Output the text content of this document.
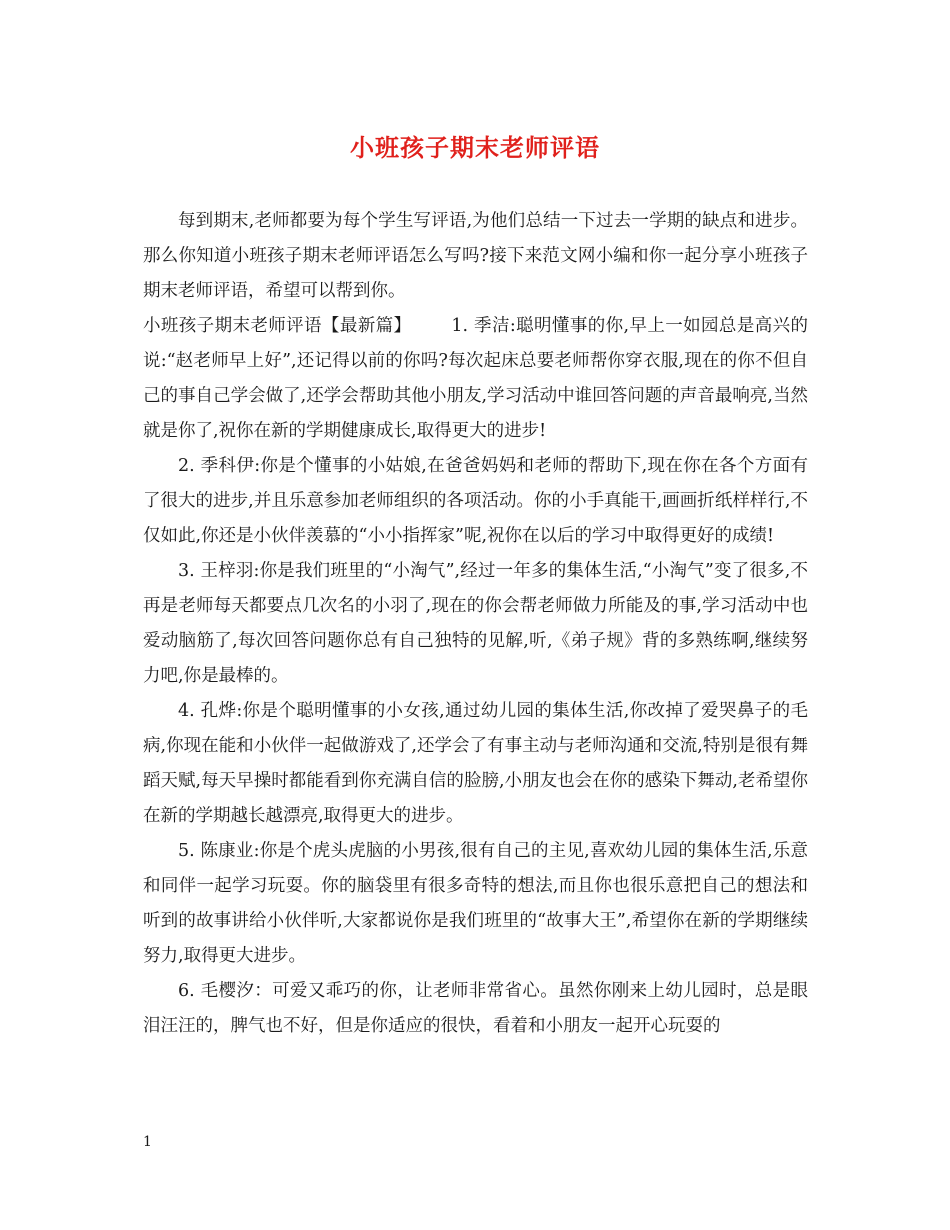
小班孩子期末老师评语

每到期末,老师都要为每个学生写评语,为他们总结一下过去一学期的缺点和进步。那么你知道小班孩子期末老师评语怎么写吗?接下来范文网小编和你一起分享小班孩子期末老师评语，希望可以帮到你。

小班孩子期末老师评语【最新篇】 1. 季洁:聪明懂事的你,早上一如园总是高兴的说:“赵老师早上好”,还记得以前的你吗?每次起床总要老师帮你穿衣服,现在的你不但自己的事自己学会做了,还学会帮助其他小朋友,学习活动中谁回答问题的声音最响亮,当然就是你了,祝你在新的学期健康成长,取得更大的进步!

2. 季科伊:你是个懂事的小姑娘,在爸爸妈妈和老师的帮助下,现在你在各个方面有了很大的进步,并且乐意参加老师组织的各项活动。你的小手真能干,画画折纸样样行,不仅如此,你还是小伙伴羡慕的“小小指挥家”呢,祝你在以后的学习中取得更好的成绩!

3. 王梓羽:你是我们班里的“小淘气”,经过一年多的集体生活,“小淘气”变了很多,不再是老师每天都要点几次名的小羽了,现在的你会帮老师做力所能及的事,学习活动中也爱动脑筋了,每次回答问题你总有自己独特的见解,听,《弟子规》背的多熟练啊,继续努力吧,你是最棒的。

4. 孔烨:你是个聪明懂事的小女孩,通过幼儿园的集体生活,你改掉了爱哭鼻子的毛病,你现在能和小伙伴一起做游戏了,还学会了有事主动与老师沟通和交流,特别是很有舞蹈天赋,每天早操时都能看到你充满自信的脸膀,小朋友也会在你的感染下舞动,老希望你在新的学期越长越漂亮,取得更大的进步。

5. 陈康业:你是个虎头虎脑的小男孩,很有自己的主见,喜欢幼儿园的集体生活,乐意和同伴一起学习玩耍。你的脑袋里有很多奇特的想法,而且你也很乐意把自己的想法和听到的故事讲给小伙伴听,大家都说你是我们班里的“故事大王”,希望你在新的学期继续努力,取得更大进步。

6. 毛樱汐：可爱又乖巧的你，让老师非常省心。虽然你刚来上幼儿园时，总是眼泪汪汪的，脾气也不好，但是你适应的很快，看着和小朋友一起开心玩耍的

1
